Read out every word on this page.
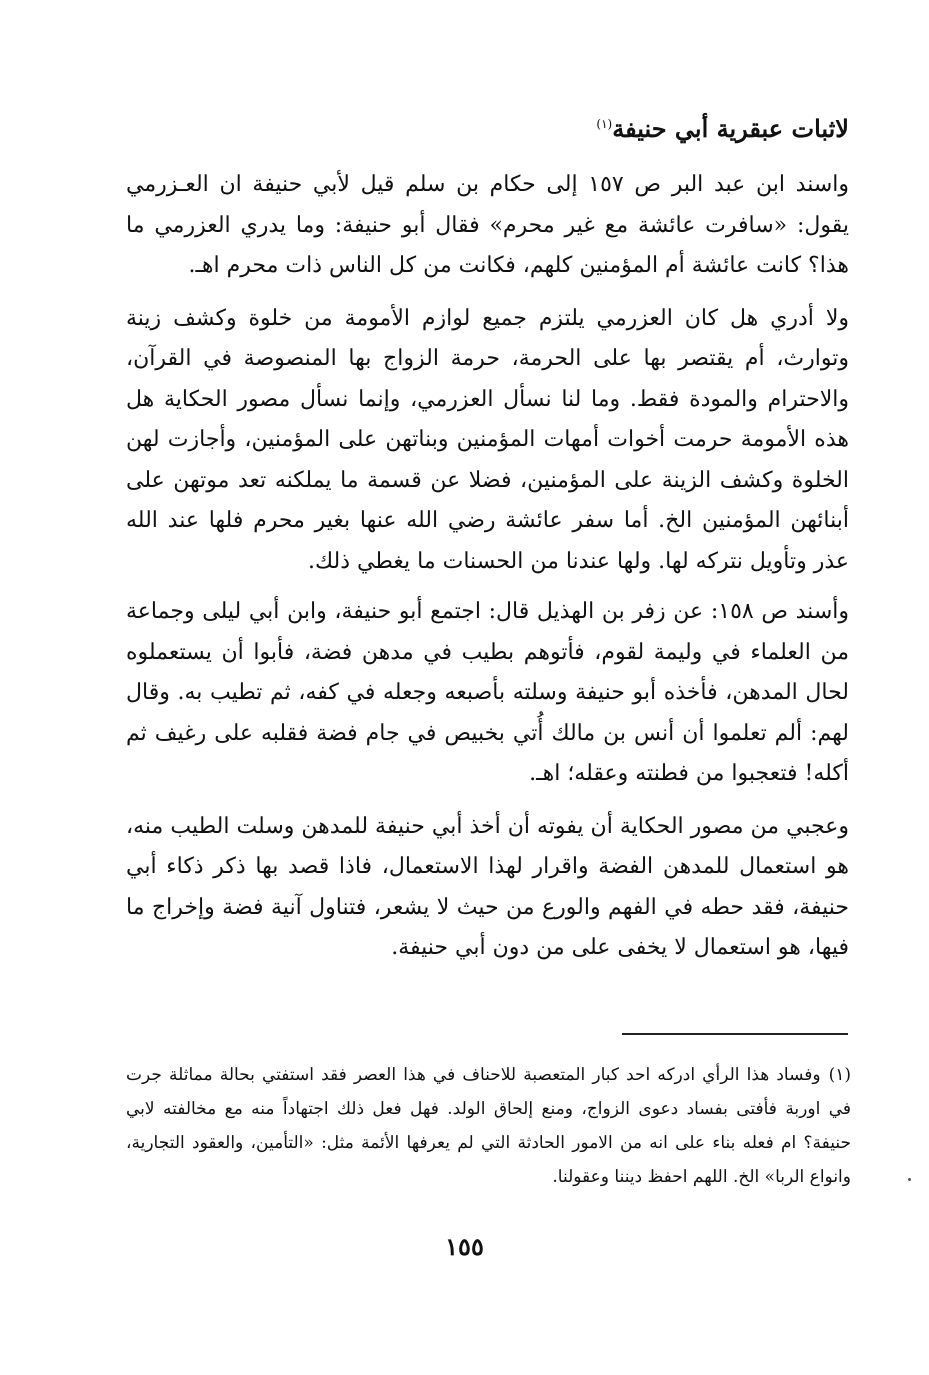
لاثبات عبقرية أبي حنيفة$^{(١)}$

واسند ابن عبد البر ص ١٥٧ إلى حكام بن سلم قيل لأبي حنيفة ان العـزرمي يقول: «سافرت عائشة مع غير محرم» فقال أبو حنيفة: وما يدري العزرمي ما هذا؟ كانت عائشة أم المؤمنين كلهم، فكانت من كل الناس ذات محرم اهـ.

ولا أدري هل كان العزرمي يلتزم جميع لوازم الأمومة من خلوة وكشف زينة وتوارث، أم يقتصر بها على الحرمة، حرمة الزواج بها المنصوصة في القرآن، والاحترام والمودة فقط. وما لنا نسأل العزرمي، وإنما نسأل مصور الحكاية هل هذه الأمومة حرمت أخوات أمهات المؤمنين وبناتهن على المؤمنين، وأجازت لهن الخلوة وكشف الزينة على المؤمنين، فضلا عن قسمة ما يملكنه تعد موتهن على أبنائهن المؤمنين الخ. أما سفر عائشة رضي الله عنها بغير محرم فلها عند الله عذر وتأويل نتركه لها. ولها عندنا من الحسنات ما يغطي ذلك.

وأسند ص ١٥٨: عن زفر بن الهذيل قال: اجتمع أبو حنيفة، وابن أبي ليلى وجماعة من العلماء في وليمة لقوم، فأتوهم بطيب في مدهن فضة، فأبوا أن يستعملوه لحال المدهن، فأخذه أبو حنيفة وسلته بأصبعه وجعله في كفه، ثم تطيب به. وقال لهم: ألم تعلموا أن أنس بن مالك أُتي بخبيص في جام فضة فقلبه على رغيف ثم أكله! فتعجبوا من فطنته وعقله؛ اهـ.

وعجبي من مصور الحكاية أن يفوته أن أخذ أبي حنيفة للمدهن وسلت الطيب منه، هو استعمال للمدهن الفضة واقرار لهذا الاستعمال، فاذا قصد بها ذكر ذكاء أبي حنيفة، فقد حطه في الفهم والورع من حيث لا يشعر، فتناول آنية فضة وإخراج ما فيها، هو استعمال لا يخفى على من دون أبي حنيفة.

(١)وفساد هذا الرأي ادركه احد كبار المتعصبة للاحناف في هذا العصر فقد استفتي بحالة مماثلة جرت في اوربة فأفتى بفساد دعوى الزواج، ومنع إلحاق الولد. فهل فعل ذلك اجتهاداً منه مع مخالفته لابي حنيفة؟ ام فعله بناء على انه من الامور الحادثة التي لم يعرفها الأئمة مثل: «التأمين، والعقود التجارية، وانواع الربا» الخ. اللهم احفظ ديننا وعقولنا.
١٥٥
